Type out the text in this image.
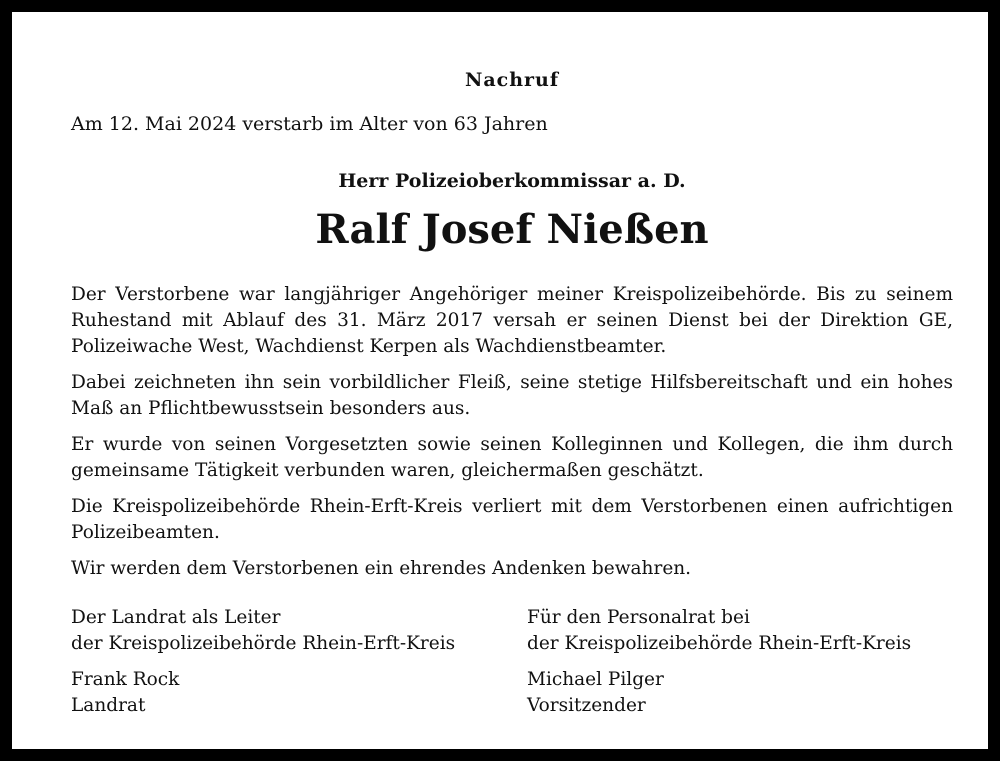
Nachruf
Am 12. Mai 2024 verstarb im Alter von 63 Jahren
Herr Polizeioberkommissar a. D.
Ralf Josef Nießen

Der Verstorbene war langjähriger Angehöriger meiner Kreispolizeibehörde. Bis zu seinem Ruhestand mit Ablauf des 31. März 2017 versah er seinen Dienst bei der Direktion GE, Polizeiwache West, Wachdienst Kerpen als Wachdienstbeamter.

Dabei zeichneten ihn sein vorbildlicher Fleiß, seine stetige Hilfsbereitschaft und ein hohes Maß an Pflichtbewusstsein besonders aus.

Er wurde von seinen Vorgesetzten sowie seinen Kolleginnen und Kollegen, die ihm durch gemeinsame Tätigkeit verbunden waren, gleichermaßen geschätzt.

Die Kreispolizeibehörde Rhein-Erft-Kreis verliert mit dem Verstorbenen einen aufrichtigen Polizeibeamten.

Wir werden dem Verstorbenen ein ehrendes Andenken bewahren.

Der Landrat als Leiter
der Kreispolizeibehörde Rhein-Erft-Kreis
Frank Rock
Landrat
Für den Personalrat bei
der Kreispolizeibehörde Rhein-Erft-Kreis
Michael Pilger
Vorsitzender
